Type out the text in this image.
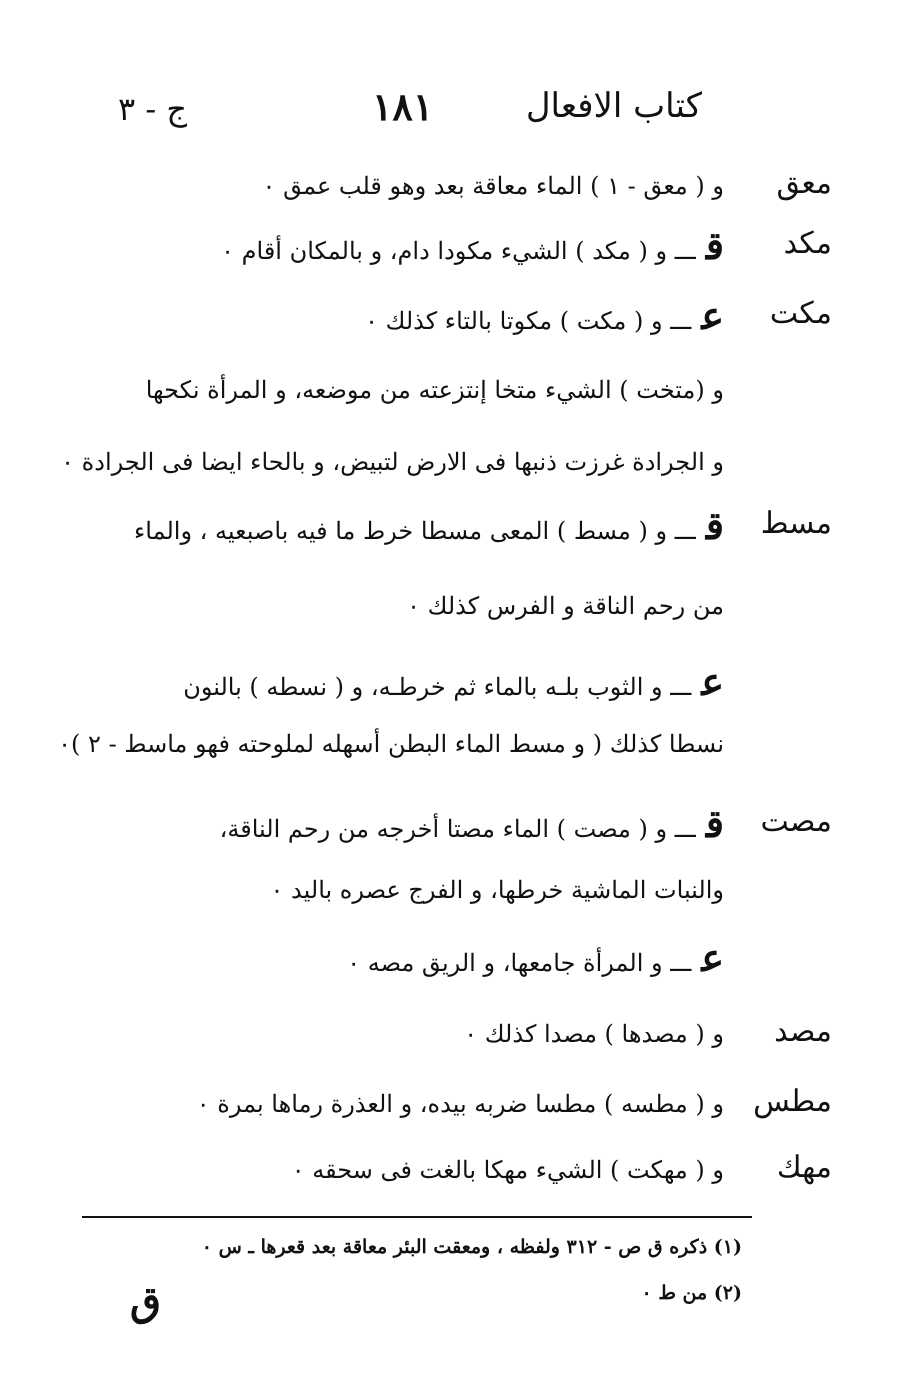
كتاب الافعال
١٨١
ج - ٣
معق
و ( معق - ١ ) الماء معاقة بعد وهو قلب عمق ٠
مكد
قـــ و ( مكد ) الشيء مكودا دام، و بالمكان أقام ٠
مكت
عـــ و ( مكت ) مكوتا بالتاء كذلك ٠
و (متخت ) الشيء متخا إنتزعته من موضعه، و المرأة نكحها
و الجرادة غرزت ذنبها فى الارض لتبيض، و بالحاء ايضا فى الجرادة ٠
مسط
قـــ و ( مسط ) المعى مسطا خرط ما فيه باصبعيه ، والماء
من رحم الناقة و الفرس كذلك ٠
عـــ و الثوب بلـه بالماء ثم خرطـه، و ( نسطه ) بالنون
نسطا كذلك ( و مسط الماء البطن أسهله لملوحته فهو ماسط - ٢ )٠
مصت
قـــ و ( مصت ) الماء مصتا أخرجه من رحم الناقة،
والنبات الماشية خرطها، و الفرج عصره باليد ٠
عـــ و المرأة جامعها، و الريق مصه ٠
مصد
و ( مصدها ) مصدا كذلك ٠
مطس
و ( مطسه ) مطسا ضربه بيده، و العذرة رماها بمرة ٠
مهك
و ( مهكت ) الشيء مهكا بالغت فى سحقه ٠
(١) ذكره ق ص - ٣١٢ ولفظه ، ومعقت البئر معاقة بعد قعرها ـ س ٠
(٢) من ط ٠
ق
